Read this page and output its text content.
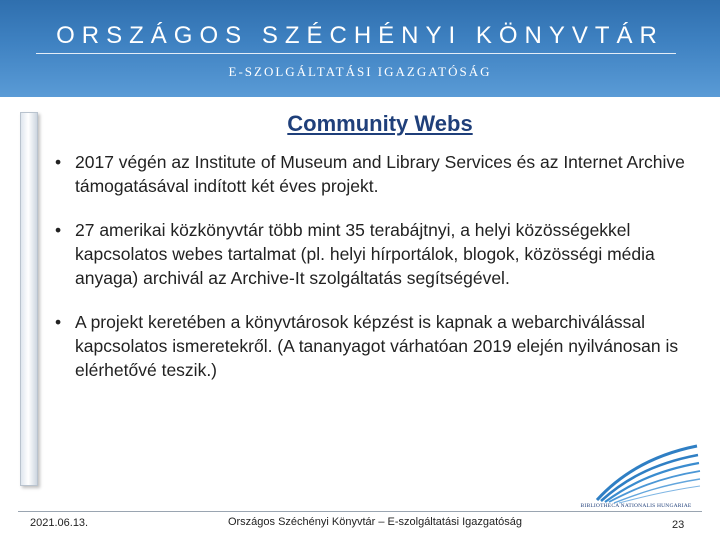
ORSZÁGOS SZÉCHÉNYI KÖNYVTÁR
E-SZOLGÁLTATÁSI IGAZGATÓSÁG
Community Webs
• 2017 végén az Institute of Museum and Library Services és az Internet Archive támogatásával indított két éves projekt.
• 27 amerikai közkönyvtár több mint 35 terabájtnyi, a helyi közösségekkel kapcsolatos webes tartalmat (pl. helyi hírportálok, blogok, közösségi média anyaga) archivál az Archive-It szolgáltatás segítségével.
• A projekt keretében a könyvtárosok képzést is kapnak a webarchiválással kapcsolatos ismeretekről. (A tananyagot várhatóan 2019 elején nyilvánosan is elérhetővé teszik.)
BIBLIOTHECA NATIONALIS HUNGARIAE
2021.06.13.	Országos Széchényi Könyvtár – E-szolgáltatási Igazgatóság	23
